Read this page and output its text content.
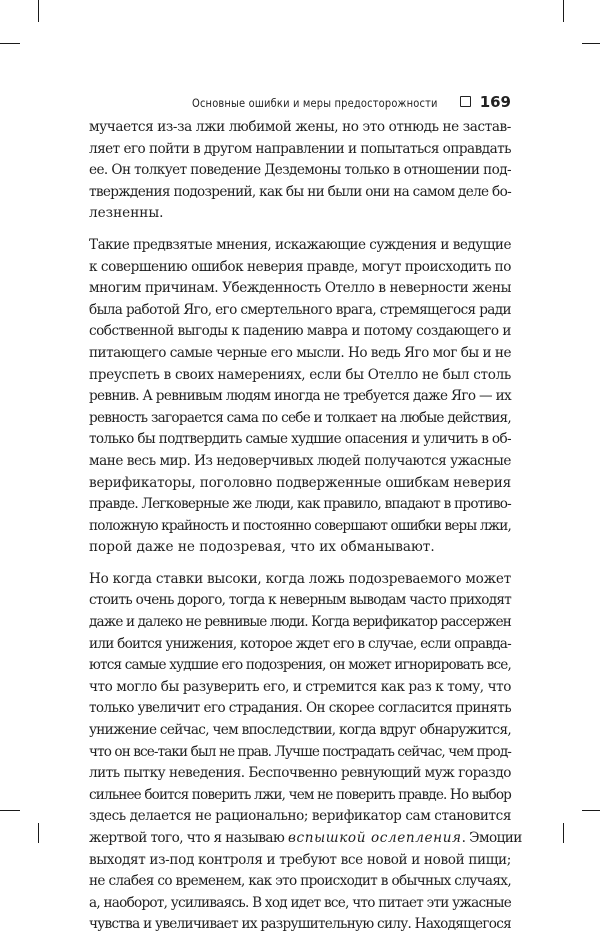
Основные ошибки и меры предосторожности	169
мучается из-за лжи любимой жены, но это отнюдь не застав-
ляет его пойти в другом направлении и попытаться оправдать
ее. Он толкует поведение Дездемоны только в отношении под-
тверждения подозрений, как бы ни были они на самом деле бо-
лезненны.
Такие предвзятые мнения, искажающие суждения и ведущие
к совершению ошибок неверия правде, могут происходить по
многим причинам. Убежденность Отелло в неверности жены
была работой Яго, его смертельного врага, стремящегося ради
собственной выгоды к падению мавра и потому создающего и
питающего самые черные его мысли. Но ведь Яго мог бы и не
преуспеть в своих намерениях, если бы Отелло не был столь
ревнив. А ревнивым людям иногда не требуется даже Яго — их
ревность загорается сама по себе и толкает на любые действия,
только бы подтвердить самые худшие опасения и уличить в об-
мане весь мир. Из недоверчивых людей получаются ужасные
верификаторы, поголовно подверженные ошибкам неверия
правде. Легковерные же люди, как правило, впадают в противо-
положную крайность и постоянно совершают ошибки веры лжи,
порой даже не подозревая, что их обманывают.
Но когда ставки высоки, когда ложь подозреваемого может
стоить очень дорого, тогда к неверным выводам часто приходят
даже и далеко не ревнивые люди. Когда верификатор рассержен
или боится унижения, которое ждет его в случае, если оправда-
ются самые худшие его подозрения, он может игнорировать все,
что могло бы разуверить его, и стремится как раз к тому, что
только увеличит его страдания. Он скорее согласится принять
унижение сейчас, чем впоследствии, когда вдруг обнаружится,
что он все-таки был не прав. Лучше пострадать сейчас, чем прод-
лить пытку неведения. Беспочвенно ревнующий муж гораздо
сильнее боится поверить лжи, чем не поверить правде. Но выбор
здесь делается не рационально; верификатор сам становится
жертвой того, что я называю вспышкой ослепления. Эмоции
выходят из-под контроля и требуют все новой и новой пищи;
не слабея со временем, как это происходит в обычных случаях,
а, наоборот, усиливаясь. В ход идет все, что питает эти ужасные
чувства и увеличивает их разрушительную силу. Находящегося
